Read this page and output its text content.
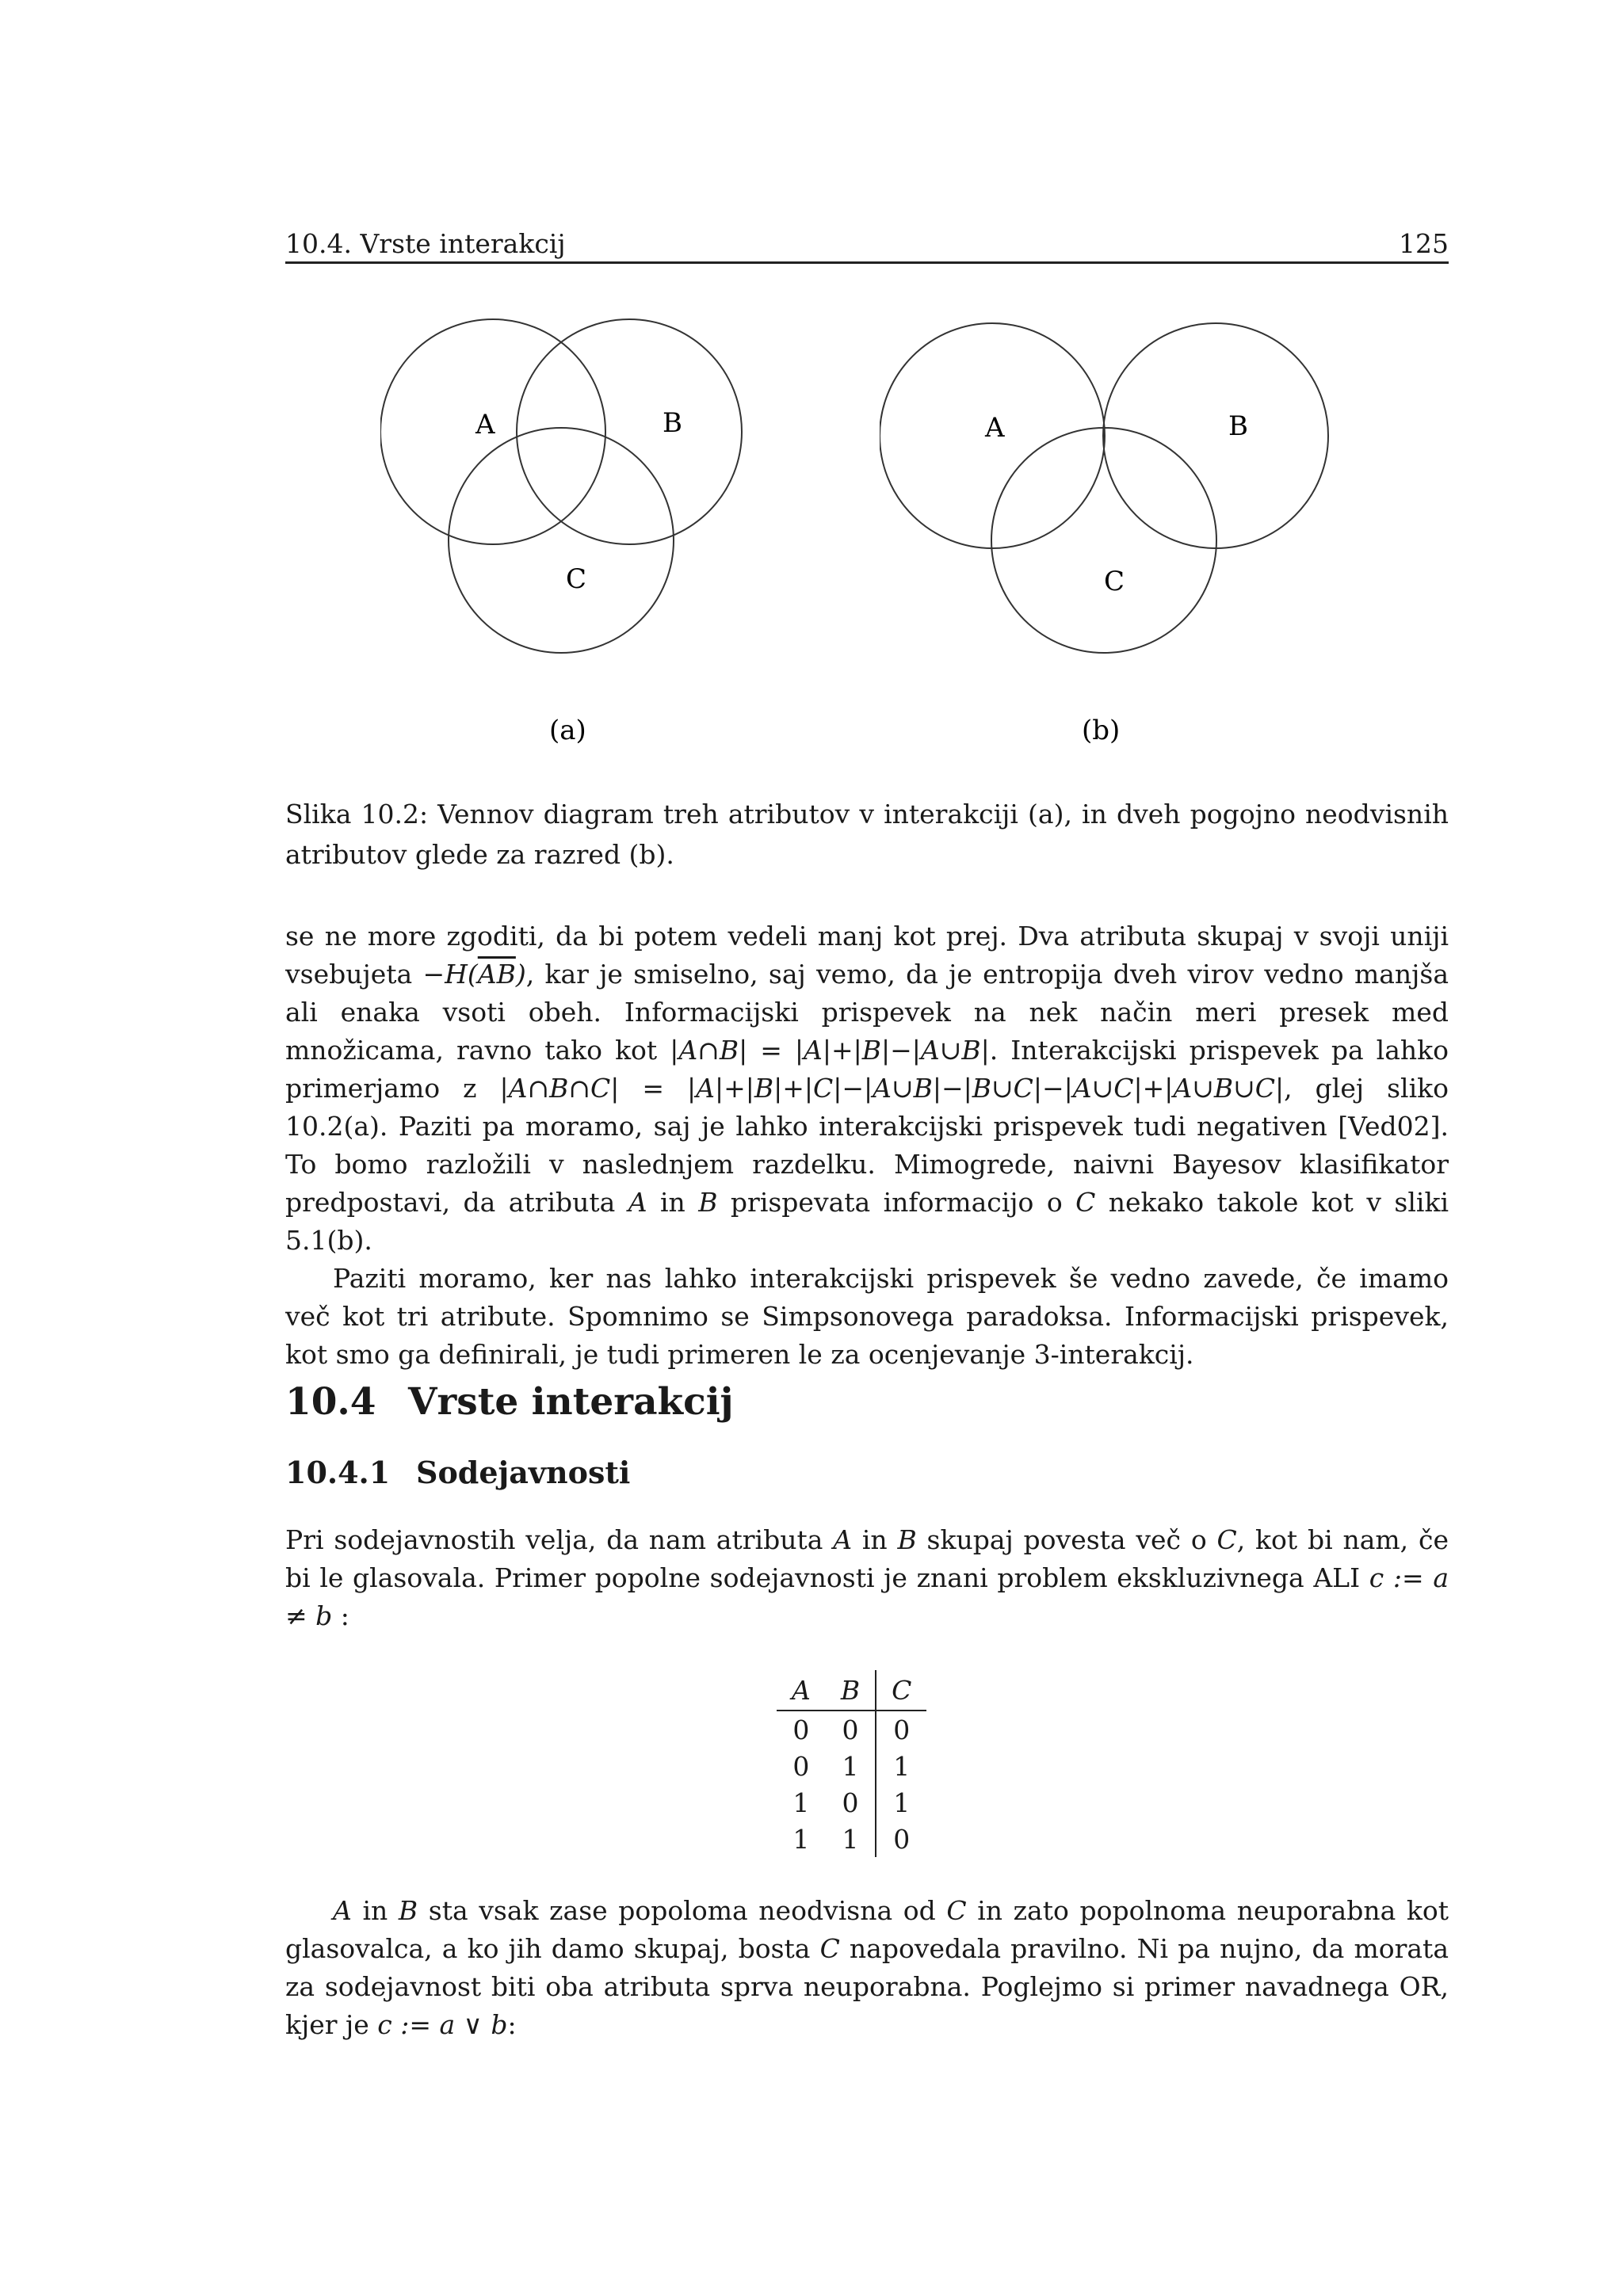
10.4. Vrste interakcij	125
A	B
C
(a)
A	B
C
(b)
Slika 10.2: Vennov diagram treh atributov v interakciji (a), in dveh pogojno neodvisnih atributov glede za razred (b).

se ne more zgoditi, da bi potem vedeli manj kot prej. Dva atributa skupaj v svoji uniji vsebujeta $-H(\overline{AB})$, kar je smiselno, saj vemo, da je entropija dveh virov vedno manjša ali enaka vsoti obeh. Informacijski prispevek na nek način meri presek med množicama, ravno tako kot |A∩B| = |A|+|B|−|A∪B|. Interakcijski prispevek pa lahko primerjamo z |A∩B∩C| = |A|+|B|+|C|−|A∪B|−|B∪C|−|A∪C|+|A∪B∪C|, glej sliko 10.2(a). Paziti pa moramo, saj je lahko interakcijski prispevek tudi negativen [Ved02]. To bomo razložili v naslednjem razdelku. Mimogrede, naivni Bayesov klasifikator predpostavi, da atributa A in B prispevata informacijo o C nekako takole kot v sliki 5.1(b).

Paziti moramo, ker nas lahko interakcijski prispevek še vedno zavede, če imamo več kot tri atribute. Spomnimo se Simpsonovega paradoksa. Informacijski prispevek, kot smo ga definirali, je tudi primeren le za ocenjevanje 3-interakcij.

10.4 Vrste interakcij
10.4.1 Sodejavnosti

Pri sodejavnostih velja, da nam atributa A in B skupaj povesta več o C, kot bi nam, če bi le glasovala. Primer popolne sodejavnosti je znani problem ekskluzivnega ALI c := a ≠ b :

A	B	C
0	0	0
0	1	1
1	0	1
1	1	0

A in B sta vsak zase popoloma neodvisna od C in zato popolnoma neuporabna kot glasovalca, a ko jih damo skupaj, bosta C napovedala pravilno. Ni pa nujno, da morata za sodejavnost biti oba atributa sprva neuporabna. Poglejmo si primer navadnega OR, kjer je c := a ∨ b:
